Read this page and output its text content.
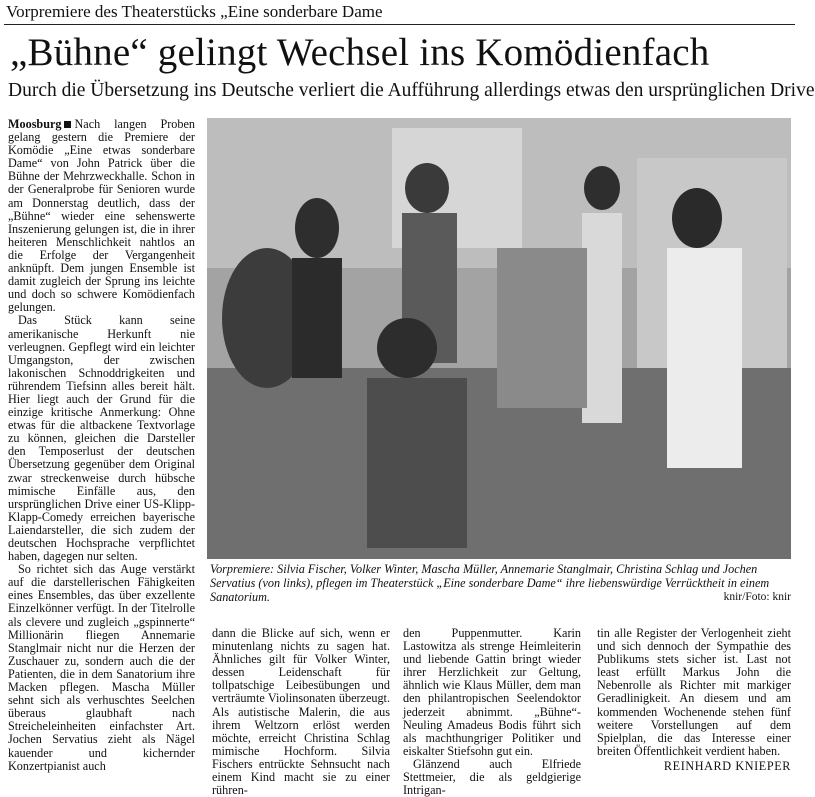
Vorpremiere des Theaterstücks „Eine sonderbare Dame
„Bühne“ gelingt Wechsel ins Komödienfach
Durch die Übersetzung ins Deutsche verliert die Aufführung allerdings etwas den ursprünglichen Drive

Moosburg Nach langen Proben gelang gestern die Premiere der Komödie „Eine etwas sonderbare Dame“ von John Patrick über die Bühne der Mehrzweckhalle. Schon in der Generalprobe für Senioren wurde am Donnerstag deutlich, dass der „Bühne“ wieder eine sehenswerte Inszenierung gelungen ist, die in ihrer heiteren Menschlichkeit nahtlos an die Erfolge der Vergangenheit anknüpft. Dem jungen Ensemble ist damit zugleich der Sprung ins leichte und doch so schwere Komödienfach gelungen.

Das Stück kann seine amerikanische Herkunft nie verleugnen. Gepflegt wird ein leichter Umgangston, der zwischen lakonischen Schnoddrigkeiten und rührendem Tiefsinn alles bereit hält. Hier liegt auch der Grund für die einzige kritische Anmerkung: Ohne etwas für die altbackene Textvorlage zu können, gleichen die Darsteller den Temposerlust der deutschen Übersetzung gegenüber dem Original zwar streckenweise durch hübsche mimische Einfälle aus, den ursprünglichen Drive einer US-Klipp-Klapp-Comedy erreichen bayerische Laiendarsteller, die sich zudem der deutschen Hochsprache verpflichtet haben, dagegen nur selten.

So richtet sich das Auge verstärkt auf die darstellerischen Fähigkeiten eines Ensembles, das über exzellente Einzelkönner verfügt. In der Titelrolle als clevere und zugleich „gspinnerte“ Millionärin fliegen Annemarie Stanglmair nicht nur die Herzen der Zuschauer zu, sondern auch die der Patienten, die in dem Sanatorium ihre Macken pflegen. Mascha Müller sehnt sich als verhuschtes Seelchen überaus glaubhaft nach Streicheleinheiten einfachster Art. Jochen Servatius zieht als Nägel kauender und kichernder Konzertpianist auch

Vorpremiere: Silvia Fischer, Volker Winter, Mascha Müller, Annemarie Stanglmair, Christina Schlag und Jochen Servatius (von links), pflegen im Theaterstück „Eine sonderbare Dame“ ihre liebenswürdige Verrücktheit in einem Sanatorium.	knir/Foto: knir

dann die Blicke auf sich, wenn er minutenlang nichts zu sagen hat. Ähnliches gilt für Volker Winter, dessen Leidenschaft für tollpatschige Leibesübungen und verträumte Violinsonaten überzeugt. Als autistische Malerin, die aus ihrem Weltzorn erlöst werden möchte, erreicht Christina Schlag mimische Hochform. Silvia Fischers entrückte Sehnsucht nach einem Kind macht sie zu einer rühren-

den Puppenmutter. Karin Lastowitza als strenge Heimleiterin und liebende Gattin bringt wieder ihrer Herzlichkeit zur Geltung, ähnlich wie Klaus Müller, dem man den philantropischen Seelendoktor jederzeit abnimmt. „Bühne“-Neuling Amadeus Bodis führt sich als machthungriger Politiker und eiskalter Stiefsohn gut ein.

Glänzend auch Elfriede Stettmeier, die als geldgierige Intrigan-

tin alle Register der Verlogenheit zieht und sich dennoch der Sympathie des Publikums stets sicher ist. Last not least erfüllt Markus John die Nebenrolle als Richter mit markiger Geradlinigkeit. An diesem und am kommenden Wochenende stehen fünf weitere Vorstellungen auf dem Spielplan, die das Interesse einer breiten Öffentlichkeit verdient haben.

REINHARD KNIEPER
